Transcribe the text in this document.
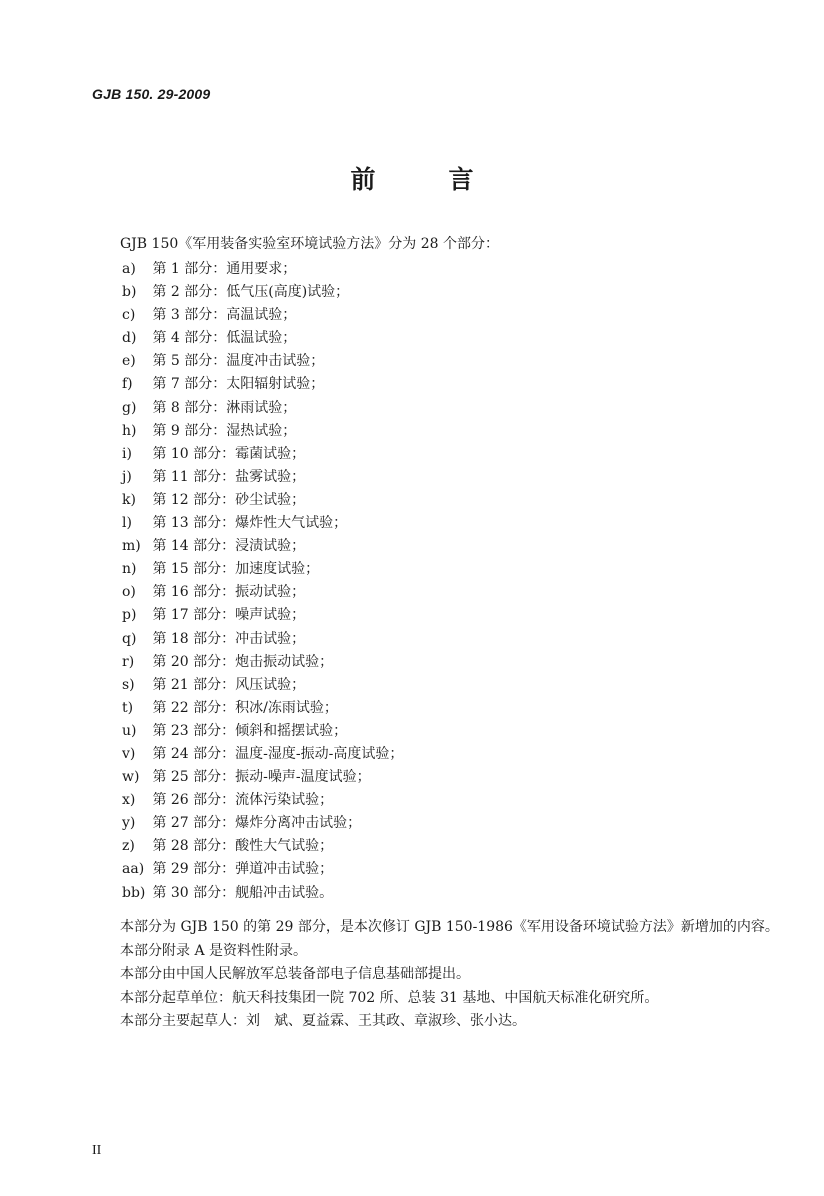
GJB 150. 29-2009
前　言
GJB 150《军用装备实验室环境试验方法》分为 28 个部分：
a) 第 1 部分：通用要求；
b) 第 2 部分：低气压(高度)试验；
c) 第 3 部分：高温试验；
d) 第 4 部分：低温试验；
e) 第 5 部分：温度冲击试验；
f) 第 7 部分：太阳辐射试验；
g) 第 8 部分：淋雨试验；
h) 第 9 部分：湿热试验；
i) 第 10 部分：霉菌试验；
j) 第 11 部分：盐雾试验；
k) 第 12 部分：砂尘试验；
l) 第 13 部分：爆炸性大气试验；
m) 第 14 部分：浸渍试验；
n) 第 15 部分：加速度试验；
o) 第 16 部分：振动试验；
p) 第 17 部分：噪声试验；
q) 第 18 部分：冲击试验；
r) 第 20 部分：炮击振动试验；
s) 第 21 部分：风压试验；
t) 第 22 部分：积冰/冻雨试验；
u) 第 23 部分：倾斜和摇摆试验；
v) 第 24 部分：温度-湿度-振动-高度试验；
w) 第 25 部分：振动-噪声-温度试验；
x) 第 26 部分：流体污染试验；
y) 第 27 部分：爆炸分离冲击试验；
z) 第 28 部分：酸性大气试验；
aa) 第 29 部分：弹道冲击试验；
bb) 第 30 部分：舰船冲击试验。

本部分为 GJB 150 的第 29 部分，是本次修订 GJB 150-1986《军用设备环境试验方法》新增加的内容。

本部分附录 A 是资料性附录。

本部分由中国人民解放军总装备部电子信息基础部提出。

本部分起草单位：航天科技集团一院 702 所、总装 31 基地、中国航天标准化研究所。

本部分主要起草人：刘　斌、夏益霖、王其政、章淑珍、张小达。

II
